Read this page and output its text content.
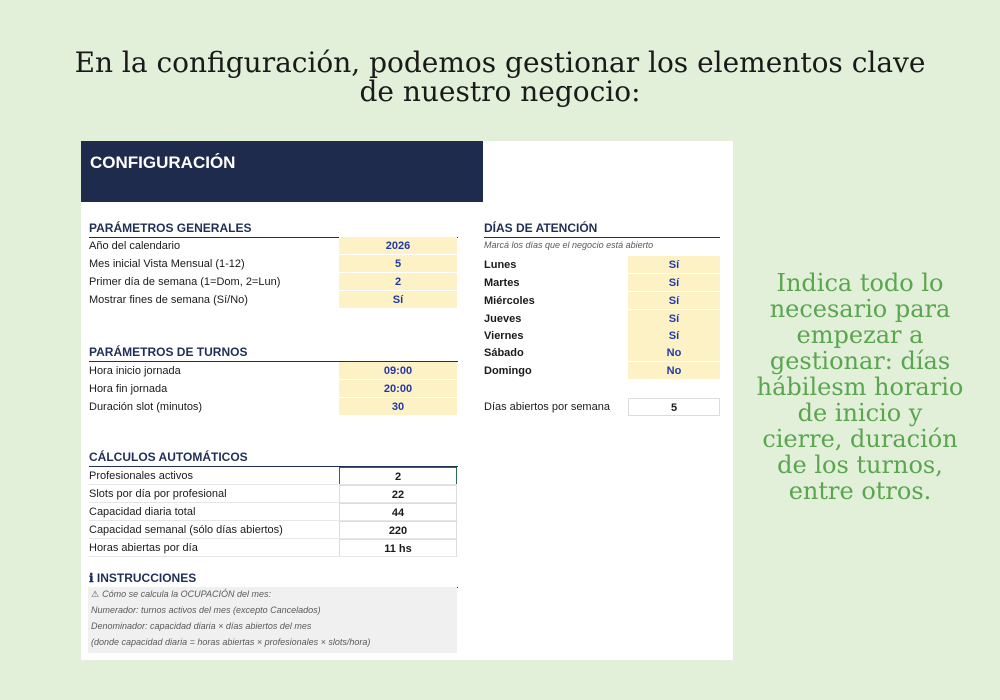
En la configuración, podemos gestionar los elementos clave
de nuestro negocio:
Indica todo lo necesario para empezar a gestionar: días hábilesm horario de inicio y cierre, duración de los turnos, entre otros.
CONFIGURACIÓN
PARÁMETROS GENERALES
Año del calendario	2026
Mes inicial Vista Mensual (1-12)	5
Primer día de semana (1=Dom, 2=Lun)	2
Mostrar fines de semana (Sí/No)	Sí
PARÁMETROS DE TURNOS
Hora inicio jornada	09:00
Hora fin jornada	20:00
Duración slot (minutos)	30
CÁLCULOS AUTOMÁTICOS
Profesionales activos	2
Slots por día por profesional	22
Capacidad diaria total	44
Capacidad semanal (sólo días abiertos)	220
Horas abiertas por día	11 hs
ℹ INSTRUCCIONES
⚠ Cómo se calcula la OCUPACIÓN del mes:
Numerador: turnos activos del mes (excepto Cancelados)
Denominador: capacidad diaria × días abiertos del mes
(donde capacidad diaria = horas abiertas × profesionales × slots/hora)
DÍAS DE ATENCIÓN
Marcá los días que el negocio está abierto
Lunes	Sí
Martes	Sí
Miércoles	Sí
Jueves	Sí
Viernes	Sí
Sábado	No
Domingo	No
Días abiertos por semana	5
